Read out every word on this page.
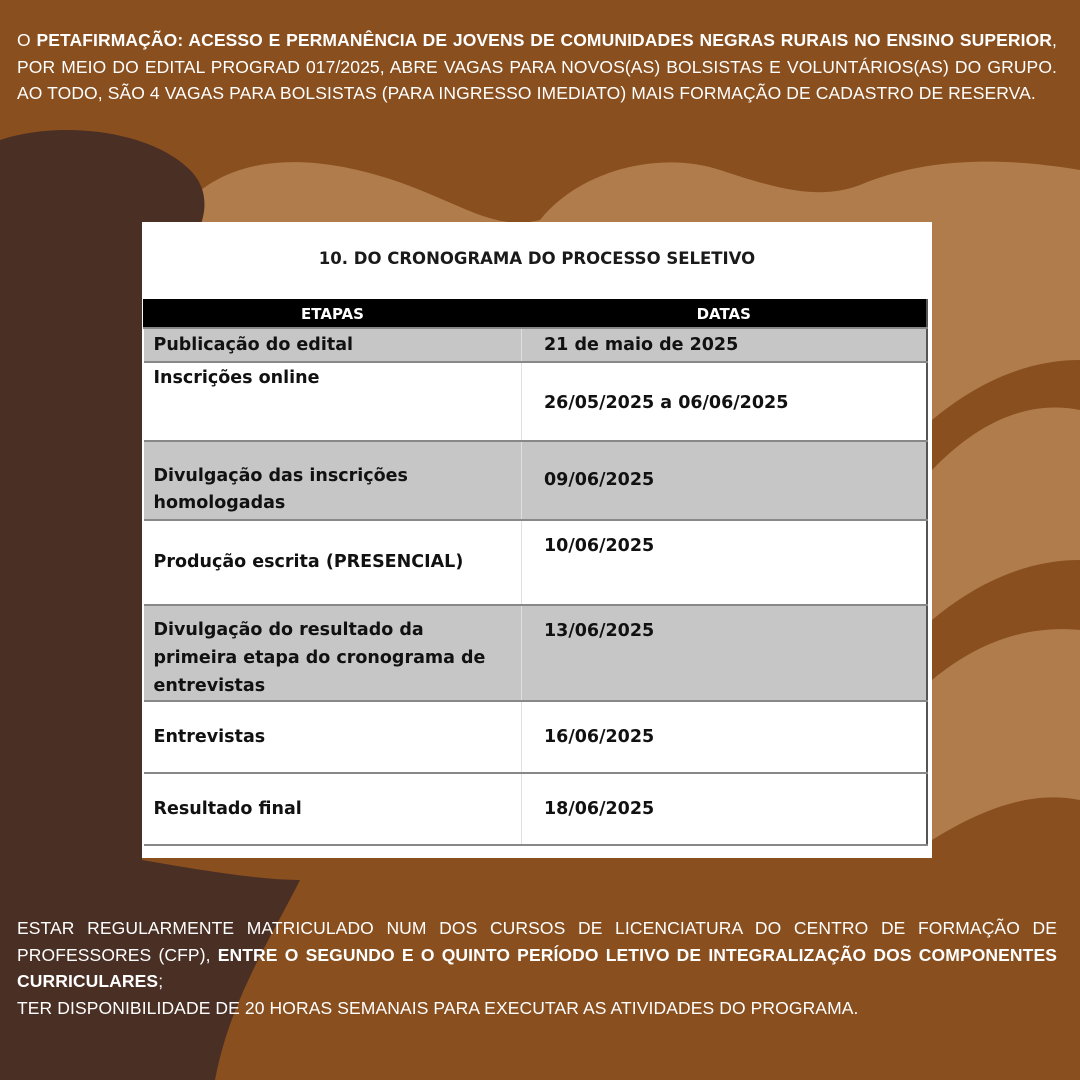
O PETAFIRMAÇÃO: ACESSO E PERMANÊNCIA DE JOVENS DE COMUNIDADES NEGRAS RURAIS NO ENSINO SUPERIOR, POR MEIO DO EDITAL PROGRAD 017/2025, ABRE VAGAS PARA NOVOS(AS) BOLSISTAS E VOLUNTÁRIOS(AS) DO GRUPO. AO TODO, SÃO 4 VAGAS PARA BOLSISTAS (PARA INGRESSO IMEDIATO) MAIS FORMAÇÃO DE CADASTRO DE RESERVA.
10. DO CRONOGRAMA DO PROCESSO SELETIVO
ETAPAS	DATAS
Publicação do edital	21 de maio de 2025
Inscrições online	26/05/2025 a 06/06/2025
Divulgação das inscrições homologadas	09/06/2025
Produção escrita (PRESENCIAL)	10/06/2025
Divulgação do resultado da primeira etapa do cronograma de entrevistas	13/06/2025
Entrevistas	16/06/2025
Resultado final	18/06/2025
ESTAR REGULARMENTE MATRICULADO NUM DOS CURSOS DE LICENCIATURA DO CENTRO DE FORMAÇÃO DE PROFESSORES (CFP), ENTRE O SEGUNDO E O QUINTO PERÍODO LETIVO DE INTEGRALIZAÇÃO DOS COMPONENTES CURRICULARES;
TER DISPONIBILIDADE DE 20 HORAS SEMANAIS PARA EXECUTAR AS ATIVIDADES DO PROGRAMA.
